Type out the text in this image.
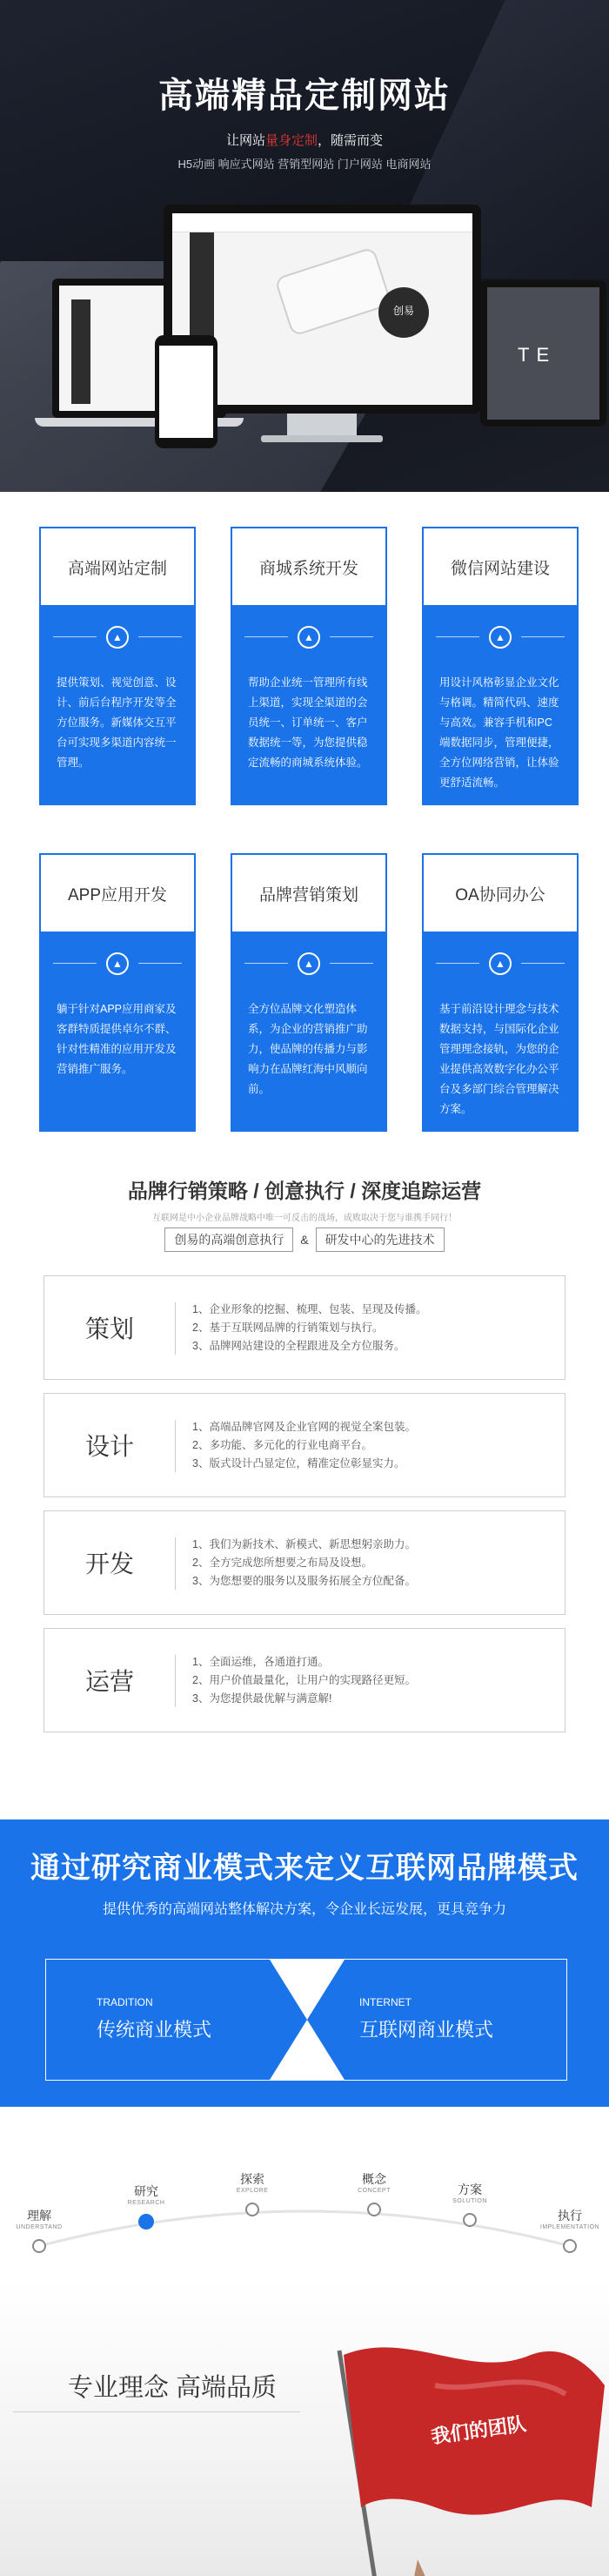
高端精品定制网站
让网站量身定制，随需而变
H5动画 响应式网站 营销型网站 门户网站 电商网站
创易
TE
高端网站定制
▲
提供策划、视觉创意、设计、前后台程序开发等全方位服务。新媒体交互平台可实现多渠道内容统一管理。
商城系统开发
▲
帮助企业统一管理所有线上渠道，实现全渠道的会员统一、订单统一、客户数据统一等，为您提供稳定流畅的商城系统体验。
微信网站建设
▲
用设计风格彰显企业文化与格调。精简代码、速度与高效。兼容手机和PC端数据同步，管理便捷，全方位网络营销，让体验更舒适流畅。
APP应用开发
▲
躺于针对APP应用商家及客群特质提供卓尔不群、针对性精准的应用开发及营销推广服务。
品牌营销策划
▲
全方位品牌文化塑造体系，为企业的营销推广助力，使品牌的传播力与影响力在品牌红海中风顺向前。
OA协同办公
▲
基于前沿设计理念与技术数据支持，与国际化企业管理理念接轨，为您的企业提供高效数字化办公平台及多部门综合管理解决方案。
品牌行销策略 / 创意执行 / 深度追踪运营
互联网是中小企业品牌战略中唯一可反击的战场，成败取决于您与谁携手同行！
创易的高端创意执行 & 研发中心的先进技术
策划
1、企业形象的挖掘、梳理、包装、呈现及传播。
2、基于互联网品牌的行销策划与执行。
3、品牌网站建设的全程跟进及全方位服务。
设计
1、高端品牌官网及企业官网的视觉全案包装。
2、多功能、多元化的行业电商平台。
3、版式设计凸显定位，精准定位彰显实力。
开发
1、我们为新技术、新模式、新思想躬亲助力。
2、全方完成您所想要之布局及设想。
3、为您想要的服务以及服务拓展全方位配备。
运营
1、全面运维，各通道打通。
2、用户价值最量化，让用户的实现路径更短。
3、为您提供最优解与满意解!
通过研究商业模式来定义互联网品牌模式
提供优秀的高端网站整体解决方案，令企业长远发展，更具竞争力
TRADITION
传统商业模式
INTERNET
互联网商业模式
理解
UNDERSTAND
研究
RESEARCH
探索
EXPLORE
概念
CONCEPT	方案
SOLUTION
执行
IMPLEMENTATION
专业理念 高端品质
我们的团队
